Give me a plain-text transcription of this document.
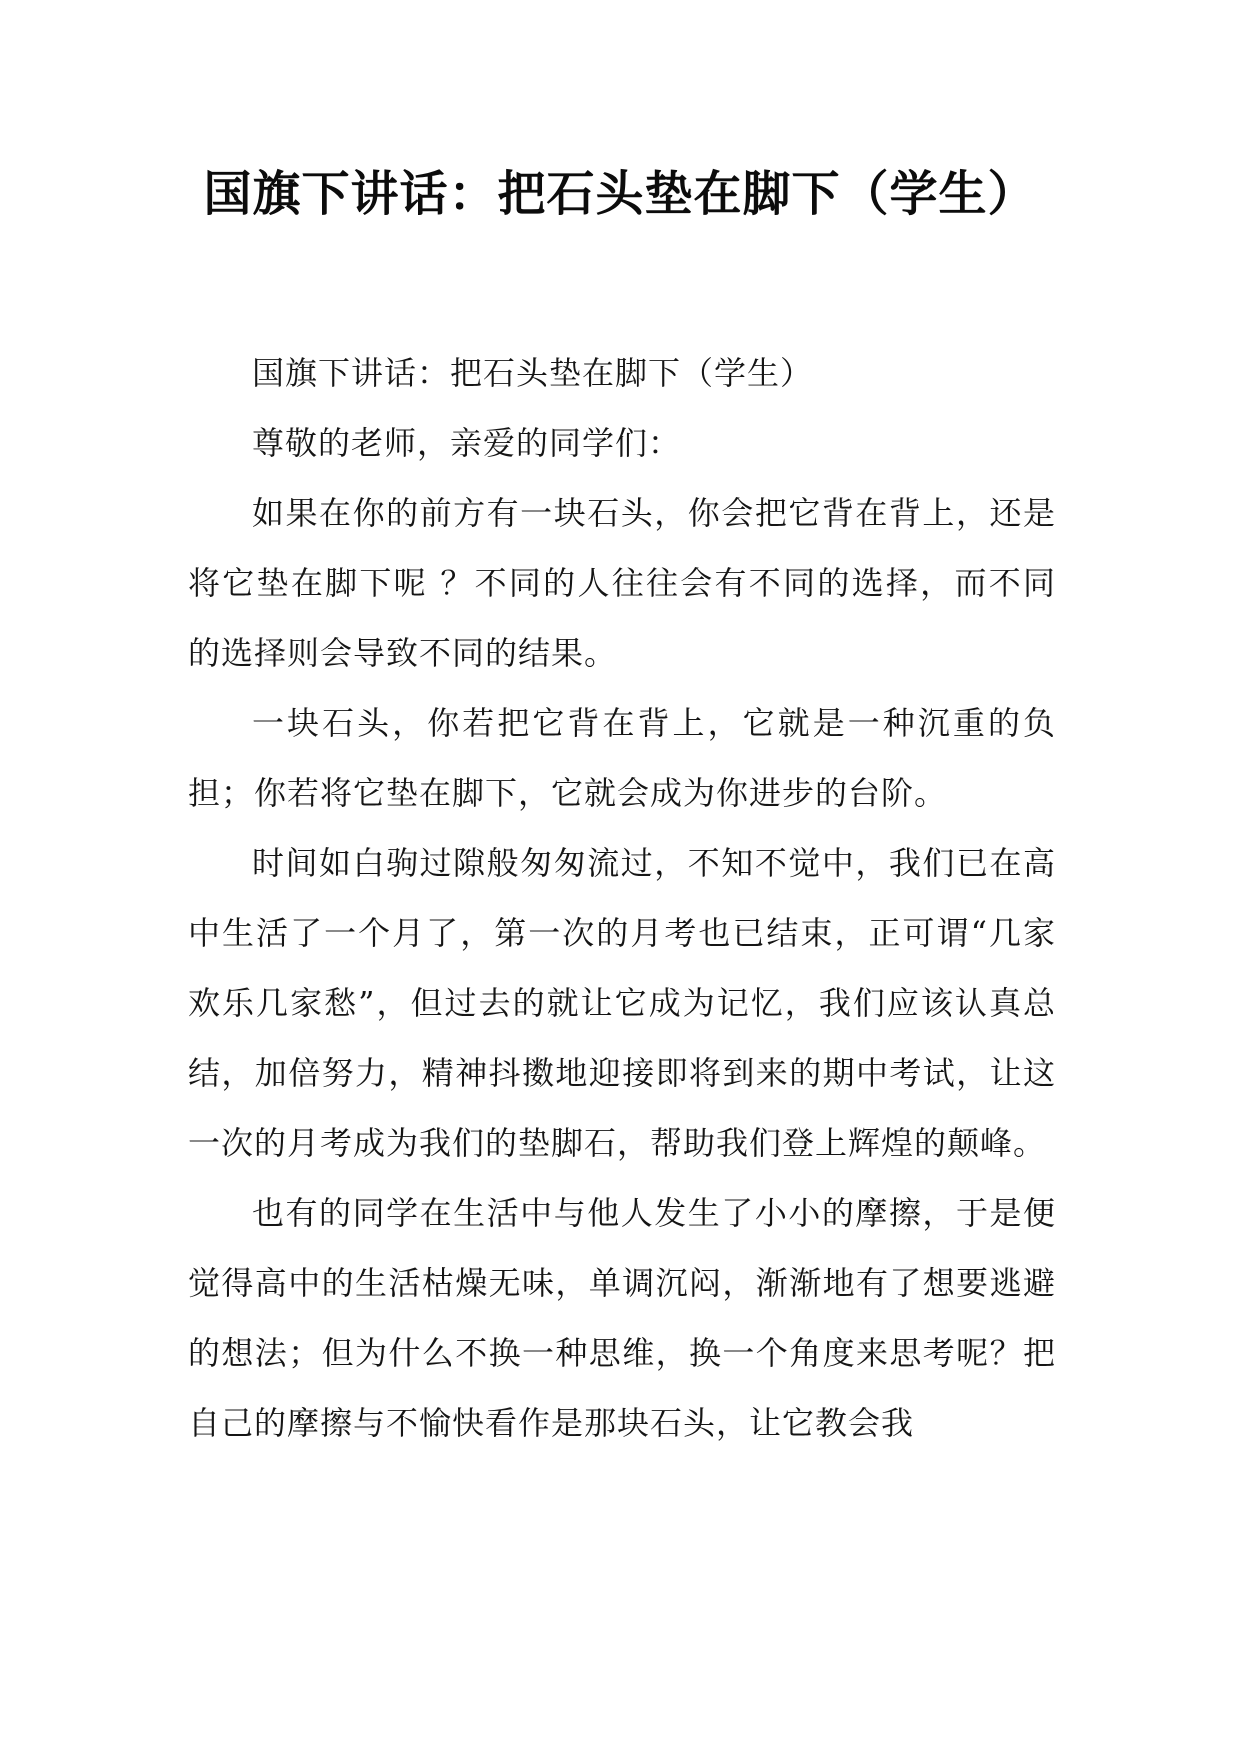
国旗下讲话：把石头垫在脚下（学生）

国旗下讲话：把石头垫在脚下（学生）

尊敬的老师，亲爱的同学们：

如果在你的前方有一块石头，你会把它背在背上，还是将它垫在脚下呢 ？不同的人往往会有不同的选择，而不同的选择则会导致不同的结果。

一块石头，你若把它背在背上，它就是一种沉重的负担；你若将它垫在脚下，它就会成为你进步的台阶。

时间如白驹过隙般匆匆流过，不知不觉中，我们已在高中生活了一个月了，第一次的月考也已结束，正可谓“几家欢乐几家愁”，但过去的就让它成为记忆，我们应该认真总结，加倍努力，精神抖擞地迎接即将到来的期中考试，让这一次的月考成为我们的垫脚石，帮助我们登上辉煌的颠峰。

也有的同学在生活中与他人发生了小小的摩擦，于是便觉得高中的生活枯燥无味，单调沉闷，渐渐地有了想要逃避的想法；但为什么不换一种思维，换一个角度来思考呢？把自己的摩擦与不愉快看作是那块石头，让它教会我
